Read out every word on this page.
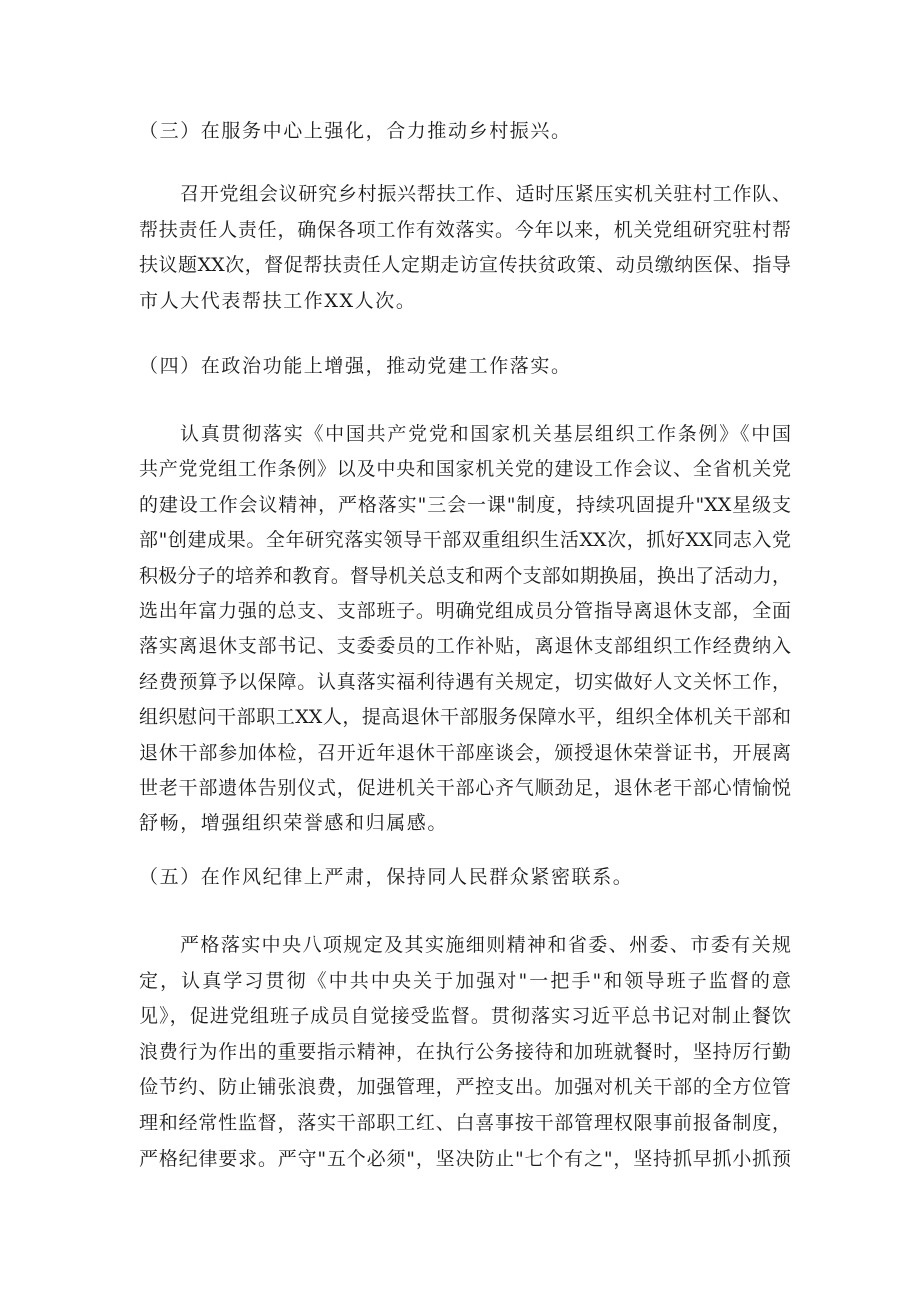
（三）在服务中心上强化，合力推动乡村振兴。
召开党组会议研究乡村振兴帮扶工作、适时压紧压实机关驻村工作队、
帮扶责任人责任，确保各项工作有效落实。今年以来，机关党组研究驻村帮
扶议题XX次，督促帮扶责任人定期走访宣传扶贫政策、动员缴纳医保、指导
市人大代表帮扶工作XX人次。
（四）在政治功能上增强，推动党建工作落实。
认真贯彻落实《中国共产党党和国家机关基层组织工作条例》《中国
共产党党组工作条例》以及中央和国家机关党的建设工作会议、全省机关党
的建设工作会议精神，严格落实"三会一课"制度，持续巩固提升"XX星级支
部"创建成果。全年研究落实领导干部双重组织生活XX次，抓好XX同志入党
积极分子的培养和教育。督导机关总支和两个支部如期换届，换出了活动力，
选出年富力强的总支、支部班子。明确党组成员分管指导离退休支部，全面
落实离退休支部书记、支委委员的工作补贴，离退休支部组织工作经费纳入
经费预算予以保障。认真落实福利待遇有关规定，切实做好人文关怀工作，
组织慰问干部职工XX人，提高退休干部服务保障水平，组织全体机关干部和
退休干部参加体检，召开近年退休干部座谈会，颁授退休荣誉证书，开展离
世老干部遗体告别仪式，促进机关干部心齐气顺劲足，退休老干部心情愉悦
舒畅，增强组织荣誉感和归属感。
（五）在作风纪律上严肃，保持同人民群众紧密联系。
严格落实中央八项规定及其实施细则精神和省委、州委、市委有关规
定，认真学习贯彻《中共中央关于加强对"一把手"和领导班子监督的意
见》，促进党组班子成员自觉接受监督。贯彻落实习近平总书记对制止餐饮
浪费行为作出的重要指示精神，在执行公务接待和加班就餐时，坚持厉行勤
俭节约、防止铺张浪费，加强管理，严控支出。加强对机关干部的全方位管
理和经常性监督，落实干部职工红、白喜事按干部管理权限事前报备制度，
严格纪律要求。严守"五个必须"，坚决防止"七个有之"，坚持抓早抓小抓预
